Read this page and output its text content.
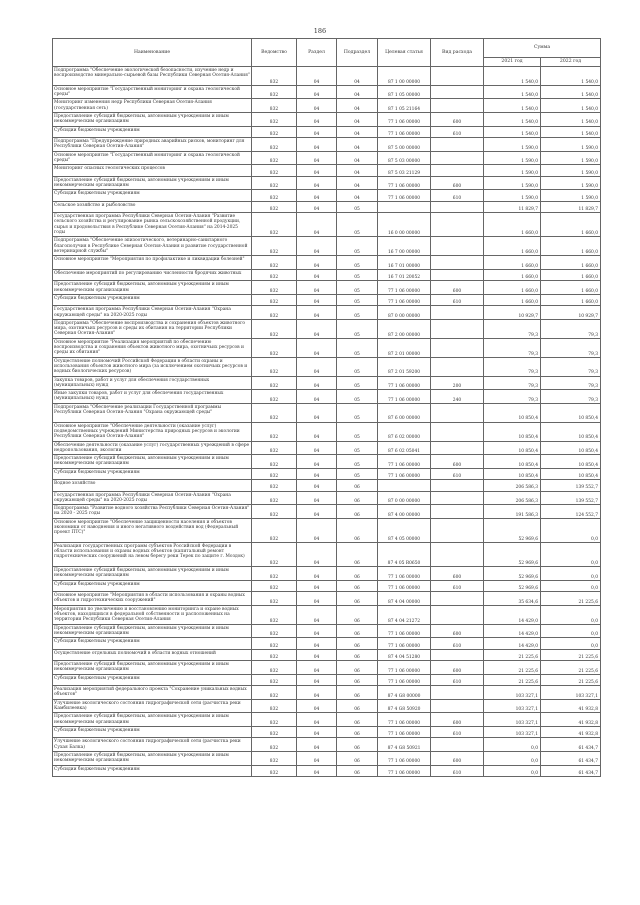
186
Наименование	Ведомство	Раздел	Подраздел	Целевая статья	Вид расхода	Сумма	
						2021 год	2022 год
Подпрограмма "Обеспечение экологической безопасности, изучение недр и воспроизводство минерально-сырьевой базы Республики Северная Осетия-Алания"	832	04	04	87 1 00 00000		1 540,0	1 540,0
Основное мероприятие "Государственный мониторинг и охрана геологической среды"	832	04	04	87 1 05 00000		1 540,0	1 540,0
Мониторинг изменения недр Республики Северная Осетия-Алания (государственная сеть)	832	04	04	87 1 05 21164		1 540,0	1 540,0
Предоставление субсидий бюджетным, автономным учреждениям и иным некоммерческим организациям	832	04	04	77 1 06 00000	600	1 540,0	1 540,0
Субсидии бюджетным учреждениям	832	04	04	77 1 06 00000	610	1 540,0	1 540,0
Подпрограмма "Предупреждение природных аварийных рисков, мониторинг для Республики Северная Осетия-Алания"	832	04	04	87 5 00 00000		1 590,0	1 590,0
Основное мероприятие "Государственный мониторинг и охрана геологической среды"	832	04	04	87 5 03 00000		1 590,0	1 590,0
Мониторинг опасных геологических процессов	832	04	04	87 5 03 21129		1 590,0	1 590,0
Предоставление субсидий бюджетным, автономным учреждениям и иным некоммерческим организациям	832	04	04	77 1 06 00000	600	1 590,0	1 590,0
Субсидии бюджетным учреждениям	832	04	04	77 1 06 00000	610	1 590,0	1 590,0
Сельское хозяйство и рыболовство	832	04	05			11 829,7	11 829,7
Государственная программа Республики Северная Осетия-Алания "Развитие сельского хозяйства и регулирование рынка сельскохозяйственной продукции, сырья и продовольствия в Республике Северная Осетия-Алания" на 2014-2025 годы	832	04	05	16 0 00 00000		1 660,0	1 660,0
Подпрограмма "Обеспечение эпизоотического, ветеринарно-санитарного благополучия в Республике Северная Осетия-Алания и развитие государственной ветеринарной службы"	832	04	05	16 7 00 00000		1 660,0	1 660,0
Основное мероприятие "Мероприятия по профилактике и ликвидации болезней"	832	04	05	16 7 01 00000		1 660,0	1 660,0
Обеспечение мероприятий по регулированию численности бродячих животных	832	04	05	16 7 01 20052		1 660,0	1 660,0
Предоставление субсидий бюджетным, автономным учреждениям и иным некоммерческим организациям	832	04	05	77 1 06 00000	600	1 660,0	1 660,0
Субсидии бюджетным учреждениям	832	04	05	77 1 06 00000	610	1 660,0	1 660,0
Государственная программа Республики Северная Осетия-Алания "Охрана окружающей среды" на 2020-2025 годы	832	04	05	87 0 00 00000		10 929,7	10 929,7
Подпрограмма "Обеспечение воспроизводства и сохранения объектов животного мира, охотничьих ресурсов и среды их обитания на территории Республики Северная Осетия-Алания"	832	04	05	87 2 00 00000		79,3	79,3
Основное мероприятие "Реализация мероприятий по обеспечению воспроизводства и сохранения объектов животного мира, охотничьих ресурсов и среды их обитания"	832	04	05	87 2 01 00000		79,3	79,3
Осуществление полномочий Российской Федерации в области охраны и использования объектов животного мира (за исключением охотничьих ресурсов и водных биологических ресурсов)	832	04	05	87 2 01 59200		79,3	79,3
Закупка товаров, работ и услуг для обеспечения государственных (муниципальных) нужд	832	04	05	77 1 06 00000	200	79,3	79,3
Иные закупки товаров, работ и услуг для обеспечения государственных (муниципальных) нужд	832	04	05	77 1 06 00000	240	79,3	79,3
Подпрограмма "Обеспечение реализации Государственной программы Республики Северная Осетия-Алания "Охрана окружающей среды"	832	04	05	87 6 00 00000		10 850,4	10 850,4
Основное мероприятие "Обеспечение деятельности (оказание услуг) подведомственных учреждений Министерства природных ресурсов и экологии Республики Северная Осетия-Алания"	832	04	05	87 6 02 00000		10 850,4	10 850,4
Обеспечение деятельности (оказание услуг) государственных учреждений в сфере недропользования, экологии	832	04	05	87 6 02 05041		10 850,4	10 850,4
Предоставление субсидий бюджетным, автономным учреждениям и иным некоммерческим организациям	832	04	05	77 1 06 00000	600	10 850,4	10 850,4
Субсидии бюджетным учреждениям	832	04	05	77 1 06 00000	610	10 850,4	10 850,4
Водное хозяйство	832	04	06			206 586,3	139 552,7
Государственная программа Республики Северная Осетия-Алания "Охрана окружающей среды" на 2020-2025 годы	832	04	06	87 0 00 00000		206 586,3	139 552,7
Подпрограмма "Развитие водного хозяйства Республики Северная Осетия-Алания" на 2020 - 2025 годы	832	04	06	87 4 00 00000		191 586,3	124 552,7
Основное мероприятие "Обеспечение защищенности населения и объектов экономики от наводнения и иного негативного воздействия вод (Федеральный проект ПТС)"	832	04	06	87 4 05 00000		52 969,6	0,0
Реализация государственных программ субъектов Российской Федерации в области использования и охраны водных объектов (капитальный ремонт гидротехнических сооружений на левом берегу реки Терек по защите г. Моздок)	832	04	06	87 4 05 R0650		52 969,6	0,0
Предоставление субсидий бюджетным, автономным учреждениям и иным некоммерческим организациям	832	04	06	77 1 06 00000	600	52 969,6	0,0
Субсидии бюджетным учреждениям	832	04	06	77 1 06 00000	610	52 969,6	0,0
Основное мероприятие "Мероприятия в области использования и охраны водных объектов и гидротехнических сооружений"	832	04	06	87 4 04 00000		35 634,6	21 225,6
Мероприятия по увеличению и восстановлению мониторинга и охране водных объектов, находящихся в федеральной собственности и расположенных на территории Республики Северная Осетия-Алания	832	04	06	87 4 04 21272		14 429,0	0,0
Предоставление субсидий бюджетным, автономным учреждениям и иным некоммерческим организациям	832	04	06	77 1 06 00000	600	14 429,0	0,0
Субсидии бюджетным учреждениям	832	04	06	77 1 06 00000	610	14 429,0	0,0
Осуществление отдельных полномочий в области водных отношений	832	04	06	87 4 04 51280		21 225,6	21 225,6
Предоставление субсидий бюджетным, автономным учреждениям и иным некоммерческим организациям	832	04	06	77 1 06 00000	600	21 225,6	21 225,6
Субсидии бюджетным учреждениям	832	04	06	77 1 06 00000	610	21 225,6	21 225,6
Реализация мероприятий федерального проекта "Сохранение уникальных водных объектов"	832	04	06	87 4 G8 00000		103 327,1	103 327,1
Улучшение экологического состояния гидрографической сети (расчистка реки Камбилеевка)	832	04	06	87 4 G8 50920		103 327,1	41 932,8
Предоставление субсидий бюджетным, автономным учреждениям и иным некоммерческим организациям	832	04	06	77 1 06 00000	600	103 327,1	41 932,8
Субсидии бюджетным учреждениям	832	04	06	77 1 06 00000	610	103 327,1	41 932,8
Улучшение экологического состояния гидрографической сети (расчистка реки Сухая Балка)	832	04	06	87 4 G8 50921		0,0	61 434,7
Предоставление субсидий бюджетным, автономным учреждениям и иным некоммерческим организациям	832	04	06	77 1 06 00000	600	0,0	61 434,7
Субсидии бюджетным учреждениям	832	04	06	77 1 06 00000	610	0,0	61 434,7
